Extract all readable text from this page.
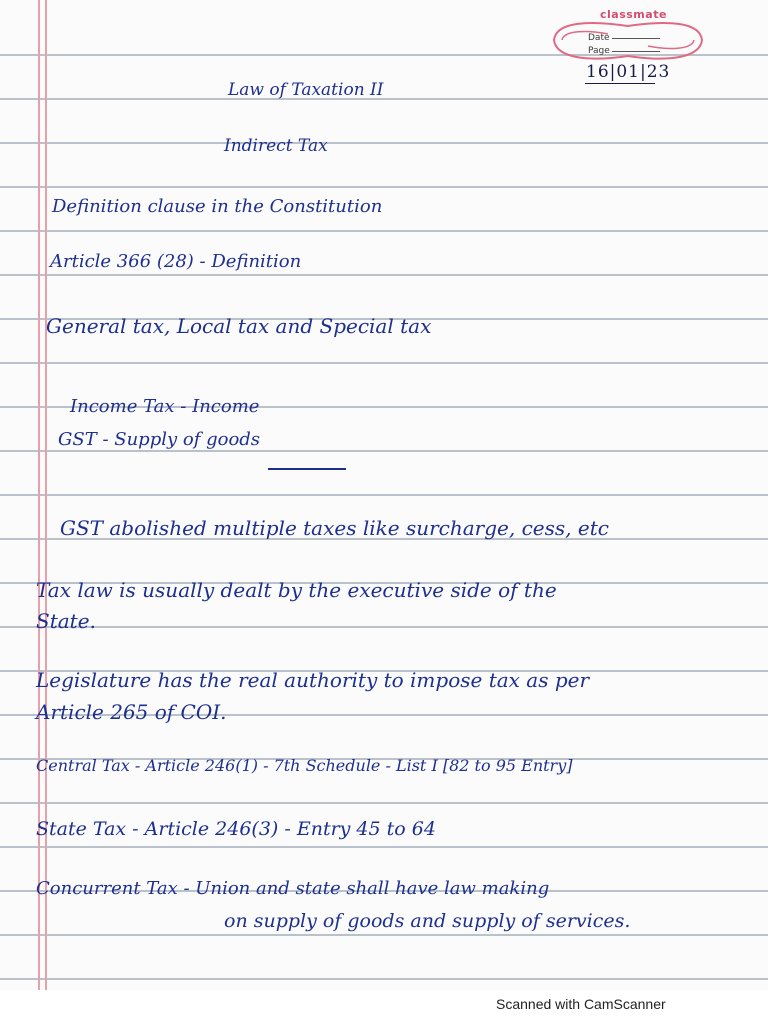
classmate
Date
Page
16|01|23
Law of Taxation II
Indirect Tax
Definition clause in the Constitution
Article 366 (28) - Definition
General tax, Local tax and Special tax
Income Tax - Income
GST - Supply of goods
GST abolished multiple taxes like surcharge, cess, etc
Tax law is usually dealt by the executive side of the
State.
Legislature has the real authority to impose tax as per
Article 265 of COI.
Central Tax - Article 246(1) - 7th Schedule - List I [82 to 95 Entry]
State Tax - Article 246(3) - Entry 45 to 64
Concurrent Tax - Union and state shall have law making
on supply of goods and supply of services.
Scanned with CamScanner
